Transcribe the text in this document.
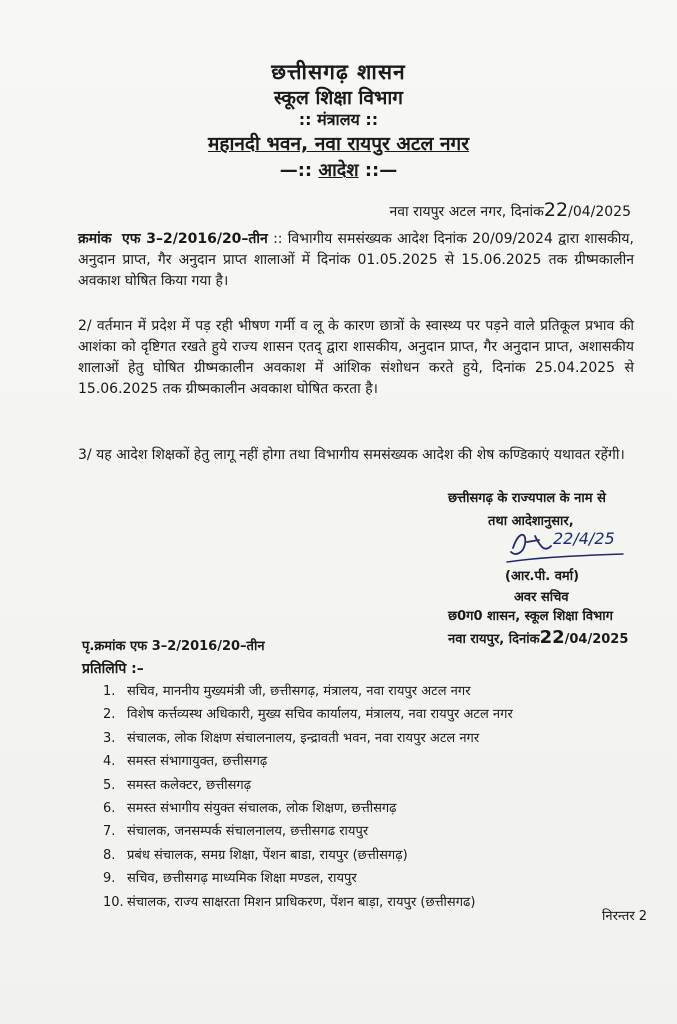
छत्तीसगढ़ शासन
स्कूल शिक्षा विभाग
:: मंत्रालय ::
महानदी भवन, नवा रायपुर अटल नगर
—:: आदेश ::—
नवा रायपुर अटल नगर, दिनांक22/04/2025
क्रमांक एफ 3–2/2016/20–तीन :: विभागीय समसंख्यक आदेश दिनांक 20/09/2024 द्वारा शासकीय, अनुदान प्राप्त, गैर अनुदान प्राप्त शालाओं में दिनांक 01.05.2025 से 15.06.2025 तक ग्रीष्मकालीन अवकाश घोषित किया गया है।
2/ वर्तमान में प्रदेश में पड़ रही भीषण गर्मी व लू के कारण छात्रों के स्वास्थ्य पर पड़ने वाले प्रतिकूल प्रभाव की आशंका को दृष्टिगत रखते हुये राज्य शासन एतद् द्वारा शासकीय, अनुदान प्राप्त, गैर अनुदान प्राप्त, अशासकीय शालाओं हेतु घोषित ग्रीष्मकालीन अवकाश में आंशिक संशोधन करते हुये, दिनांक 25.04.2025 से 15.06.2025 तक ग्रीष्मकालीन अवकाश घोषित करता है।
3/ यह आदेश शिक्षकों हेतु लागू नहीं होगा तथा विभागीय समसंख्यक आदेश की शेष कण्डिकाएं यथावत रहेंगी।
छत्तीसगढ़ के राज्यपाल के नाम से
तथा आदेशानुसार,
22/4/25
(आर.पी. वर्मा)
अवर सचिव
छ0ग0 शासन, स्कूल शिक्षा विभाग
नवा रायपुर, दिनांक22/04/2025
पृ.क्रमांक एफ 3–2/2016/20–तीन
प्रतिलिपि :–
1. सचिव, माननीय मुख्यमंत्री जी, छत्तीसगढ़, मंत्रालय, नवा रायपुर अटल नगर
2. विशेष कर्त्तव्यस्थ अधिकारी, मुख्य सचिव कार्यालय, मंत्रालय, नवा रायपुर अटल नगर
3. संचालक, लोक शिक्षण संचालनालय, इन्द्रावती भवन, नवा रायपुर अटल नगर
4. समस्त संभागायुक्त, छत्तीसगढ़
5. समस्त कलेक्टर, छत्तीसगढ़
6. समस्त संभागीय संयुक्त संचालक, लोक शिक्षण, छत्तीसगढ़
7. संचालक, जनसम्पर्क संचालनालय, छत्तीसगढ रायपुर
8. प्रबंध संचालक, समग्र शिक्षा, पेंशन बाडा, रायपुर (छत्तीसगढ़)
9. सचिव, छत्तीसगढ़ माध्यमिक शिक्षा मण्डल, रायपुर
10. संचालक, राज्य साक्षरता मिशन प्राधिकरण, पेंशन बाड़ा, रायपुर (छत्तीसगढ)
निरन्तर 2
